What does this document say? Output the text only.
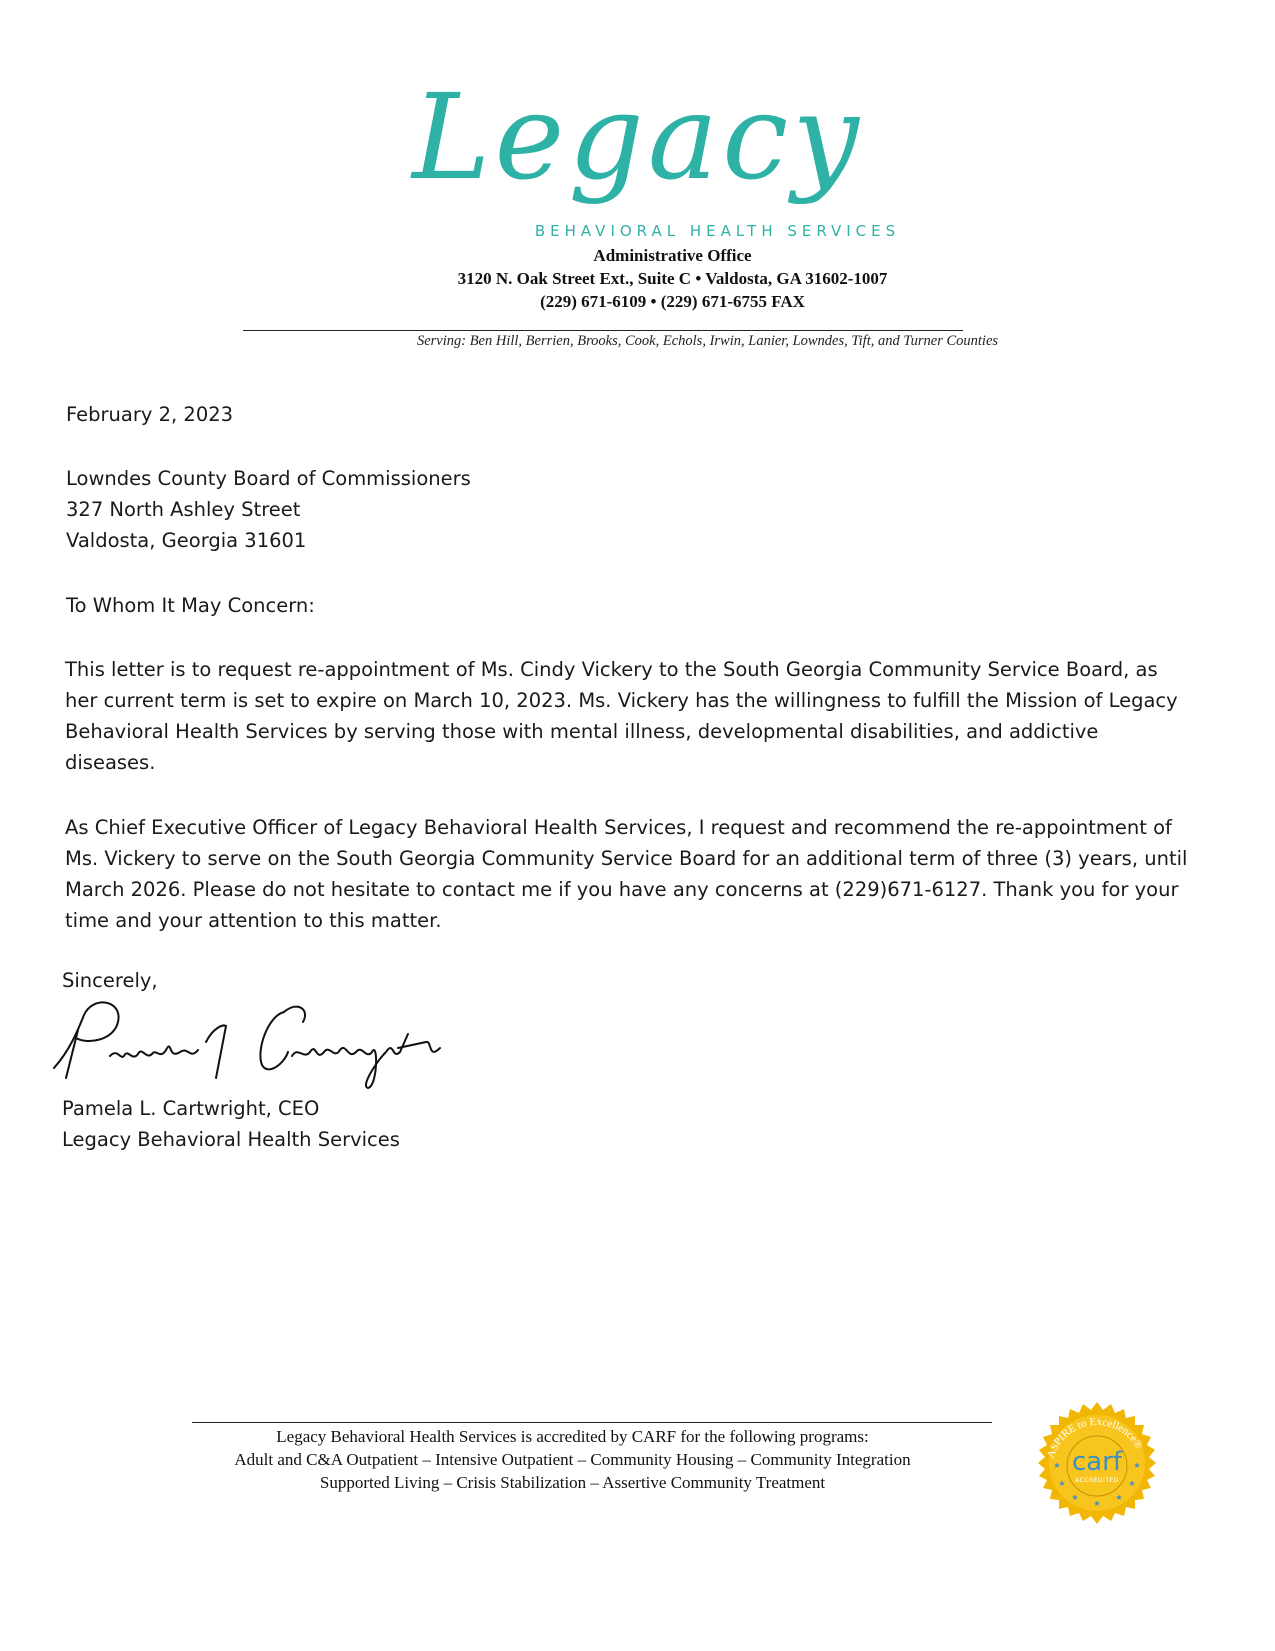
Legacy
BEHAVIORAL HEALTH SERVICES
Administrative Office
3120 N. Oak Street Ext., Suite C • Valdosta, GA 31602-1007
(229) 671-6109 • (229) 671-6755 FAX
Serving: Ben Hill, Berrien, Brooks, Cook, Echols, Irwin, Lanier, Lowndes, Tift, and Turner Counties
February 2, 2023
Lowndes County Board of Commissioners
327 North Ashley Street
Valdosta, Georgia 31601
To Whom It May Concern:
This letter is to request re-appointment of Ms. Cindy Vickery to the South Georgia Community Service Board, as her current term is set to expire on March 10, 2023. Ms. Vickery has the willingness to fulfill the Mission of Legacy Behavioral Health Services by serving those with mental illness, developmental disabilities, and addictive diseases.
As Chief Executive Officer of Legacy Behavioral Health Services, I request and recommend the re-appointment of Ms. Vickery to serve on the South Georgia Community Service Board for an additional term of three (3) years, until March 2026. Please do not hesitate to contact me if you have any concerns at (229)671-6127. Thank you for your time and your attention to this matter.
Sincerely,
Pamela L. Cartwright, CEO
Legacy Behavioral Health Services
Legacy Behavioral Health Services is accredited by CARF for the following programs:
Adult and C&A Outpatient – Intensive Outpatient – Community Housing – Community Integration
Supported Living – Crisis Stabilization – Assertive Community Treatment
ASPIRE to Excellence®
carf
ACCREDITED
★
★
★
★
★
★
★
